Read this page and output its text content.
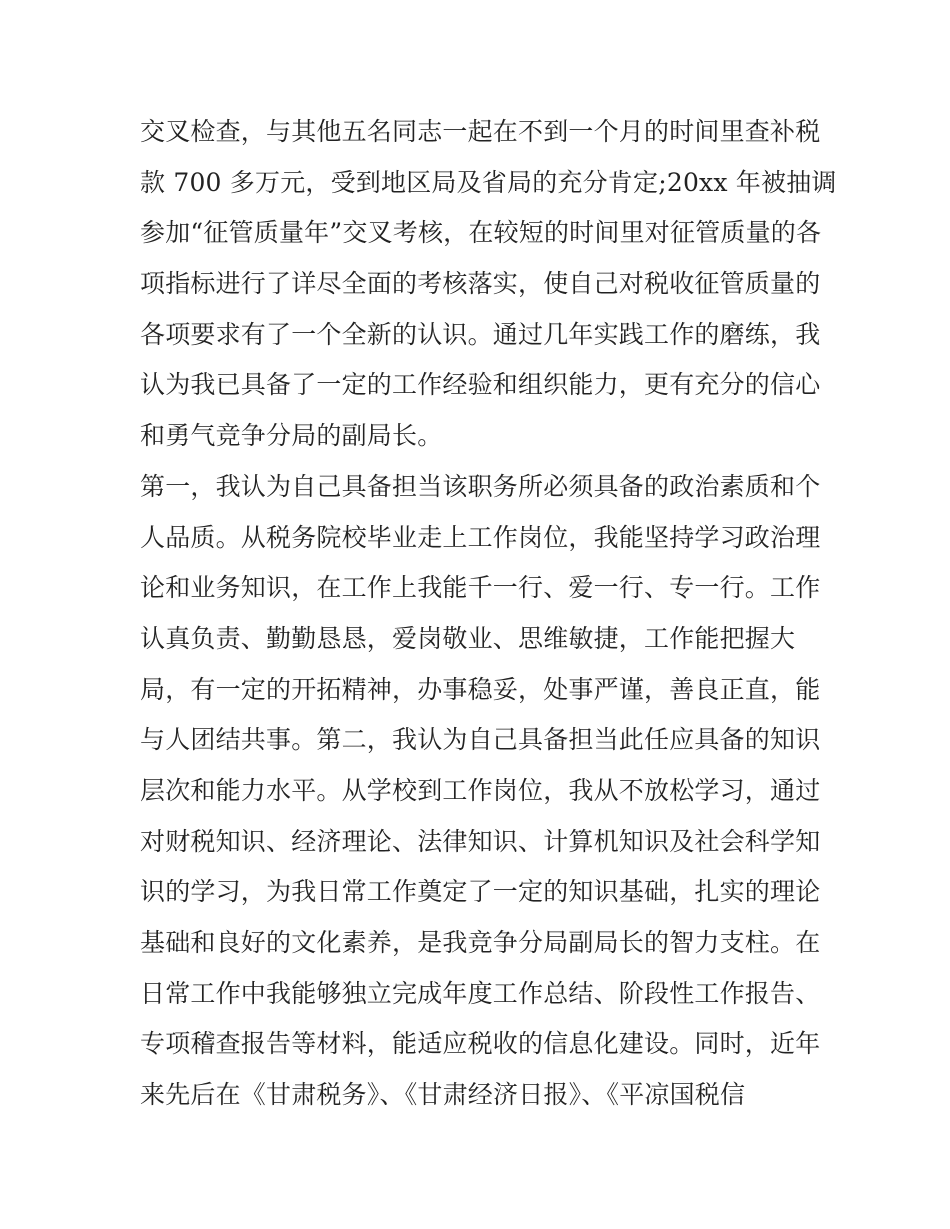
交叉检查，与其他五名同志一起在不到一个月的时间里查补税
款 700 多万元，受到地区局及省局的充分肯定;20xx 年被抽调
参加“征管质量年”交叉考核，在较短的时间里对征管质量的各
项指标进行了详尽全面的考核落实，使自己对税收征管质量的
各项要求有了一个全新的认识。通过几年实践工作的磨练，我
认为我已具备了一定的工作经验和组织能力，更有充分的信心
和勇气竞争分局的副局长。
第一，我认为自己具备担当该职务所必须具备的政治素质和个
人品质。从税务院校毕业走上工作岗位，我能坚持学习政治理
论和业务知识，在工作上我能千一行、爱一行、专一行。工作
认真负责、勤勤恳恳，爱岗敬业、思维敏捷，工作能把握大
局，有一定的开拓精神，办事稳妥，处事严谨，善良正直，能
与人团结共事。第二，我认为自己具备担当此任应具备的知识
层次和能力水平。从学校到工作岗位，我从不放松学习，通过
对财税知识、经济理论、法律知识、计算机知识及社会科学知
识的学习，为我日常工作奠定了一定的知识基础，扎实的理论
基础和良好的文化素养，是我竞争分局副局长的智力支柱。在
日常工作中我能够独立完成年度工作总结、阶段性工作报告、
专项稽查报告等材料，能适应税收的信息化建设。同时，近年
来先后在《甘肃税务》、《甘肃经济日报》、《平凉国税信
